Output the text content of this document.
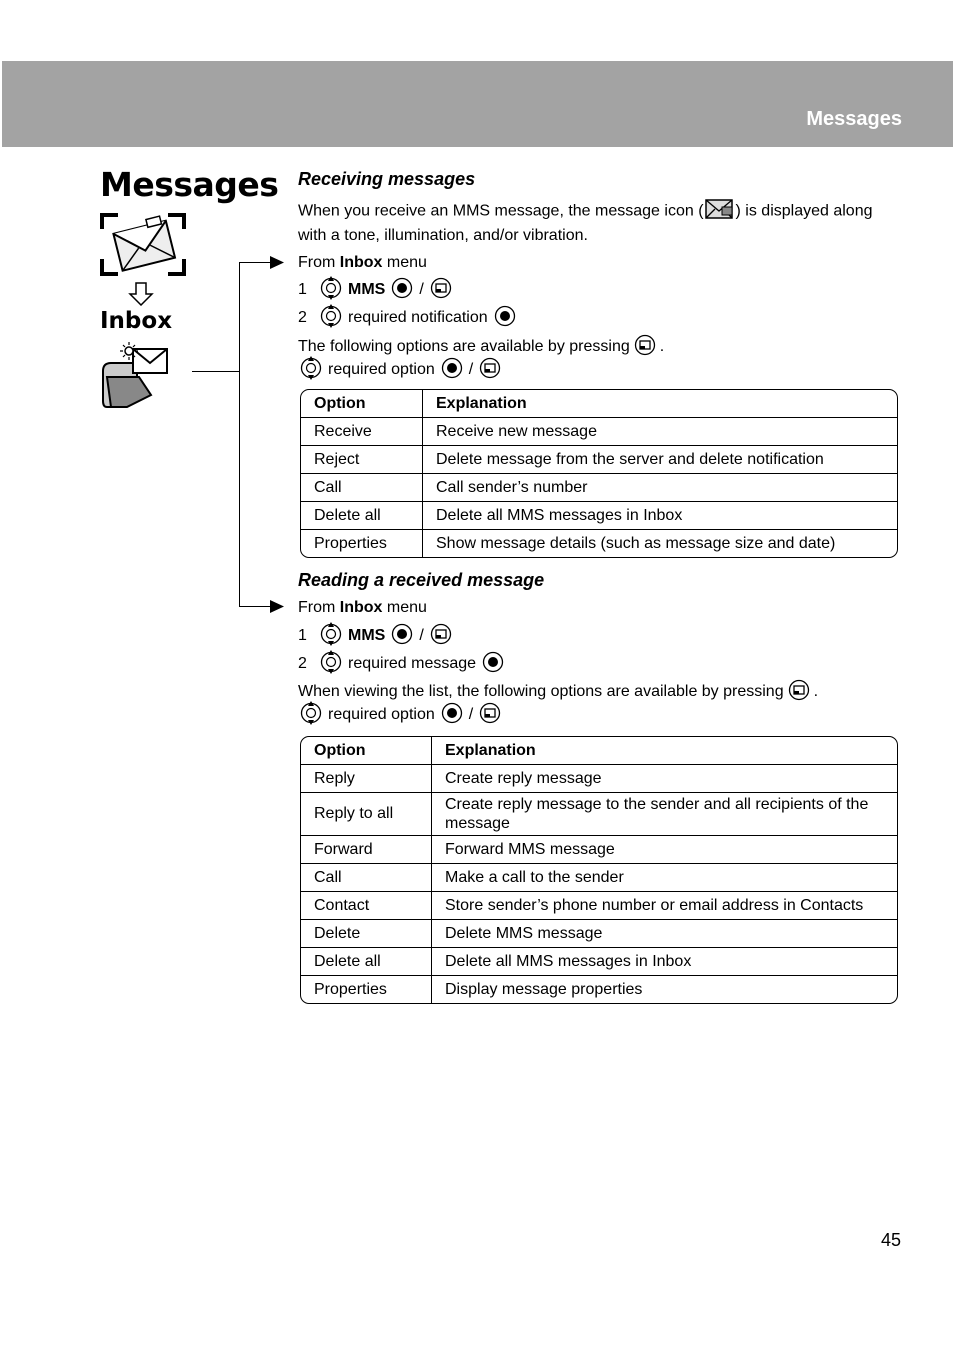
Messages
Messages
Inbox
Receiving messages
When you receive an MMS message, the message icon ( ) is displayed along with a tone, illumination, and/or vibration.
From Inbox menu
1	MMS /
2	required notification
The following options are available by pressing .
required option /
Option	Explanation
Receive	Receive new message
Reject	Delete message from the server and delete notification
Call	Call sender’s number
Delete all	Delete all MMS messages in Inbox
Properties	Show message details (such as message size and date)
Reading a received message
From Inbox menu
1	MMS /
2	required message
When viewing the list, the following options are available by pressing .
required option /
Option	Explanation
Reply	Create reply message
Reply to all	Create reply message to the sender and all recipients of the message
Forward	Forward MMS message
Call	Make a call to the sender
Contact	Store sender’s phone number or email address in Contacts
Delete	Delete MMS message
Delete all	Delete all MMS messages in Inbox
Properties	Display message properties
45
